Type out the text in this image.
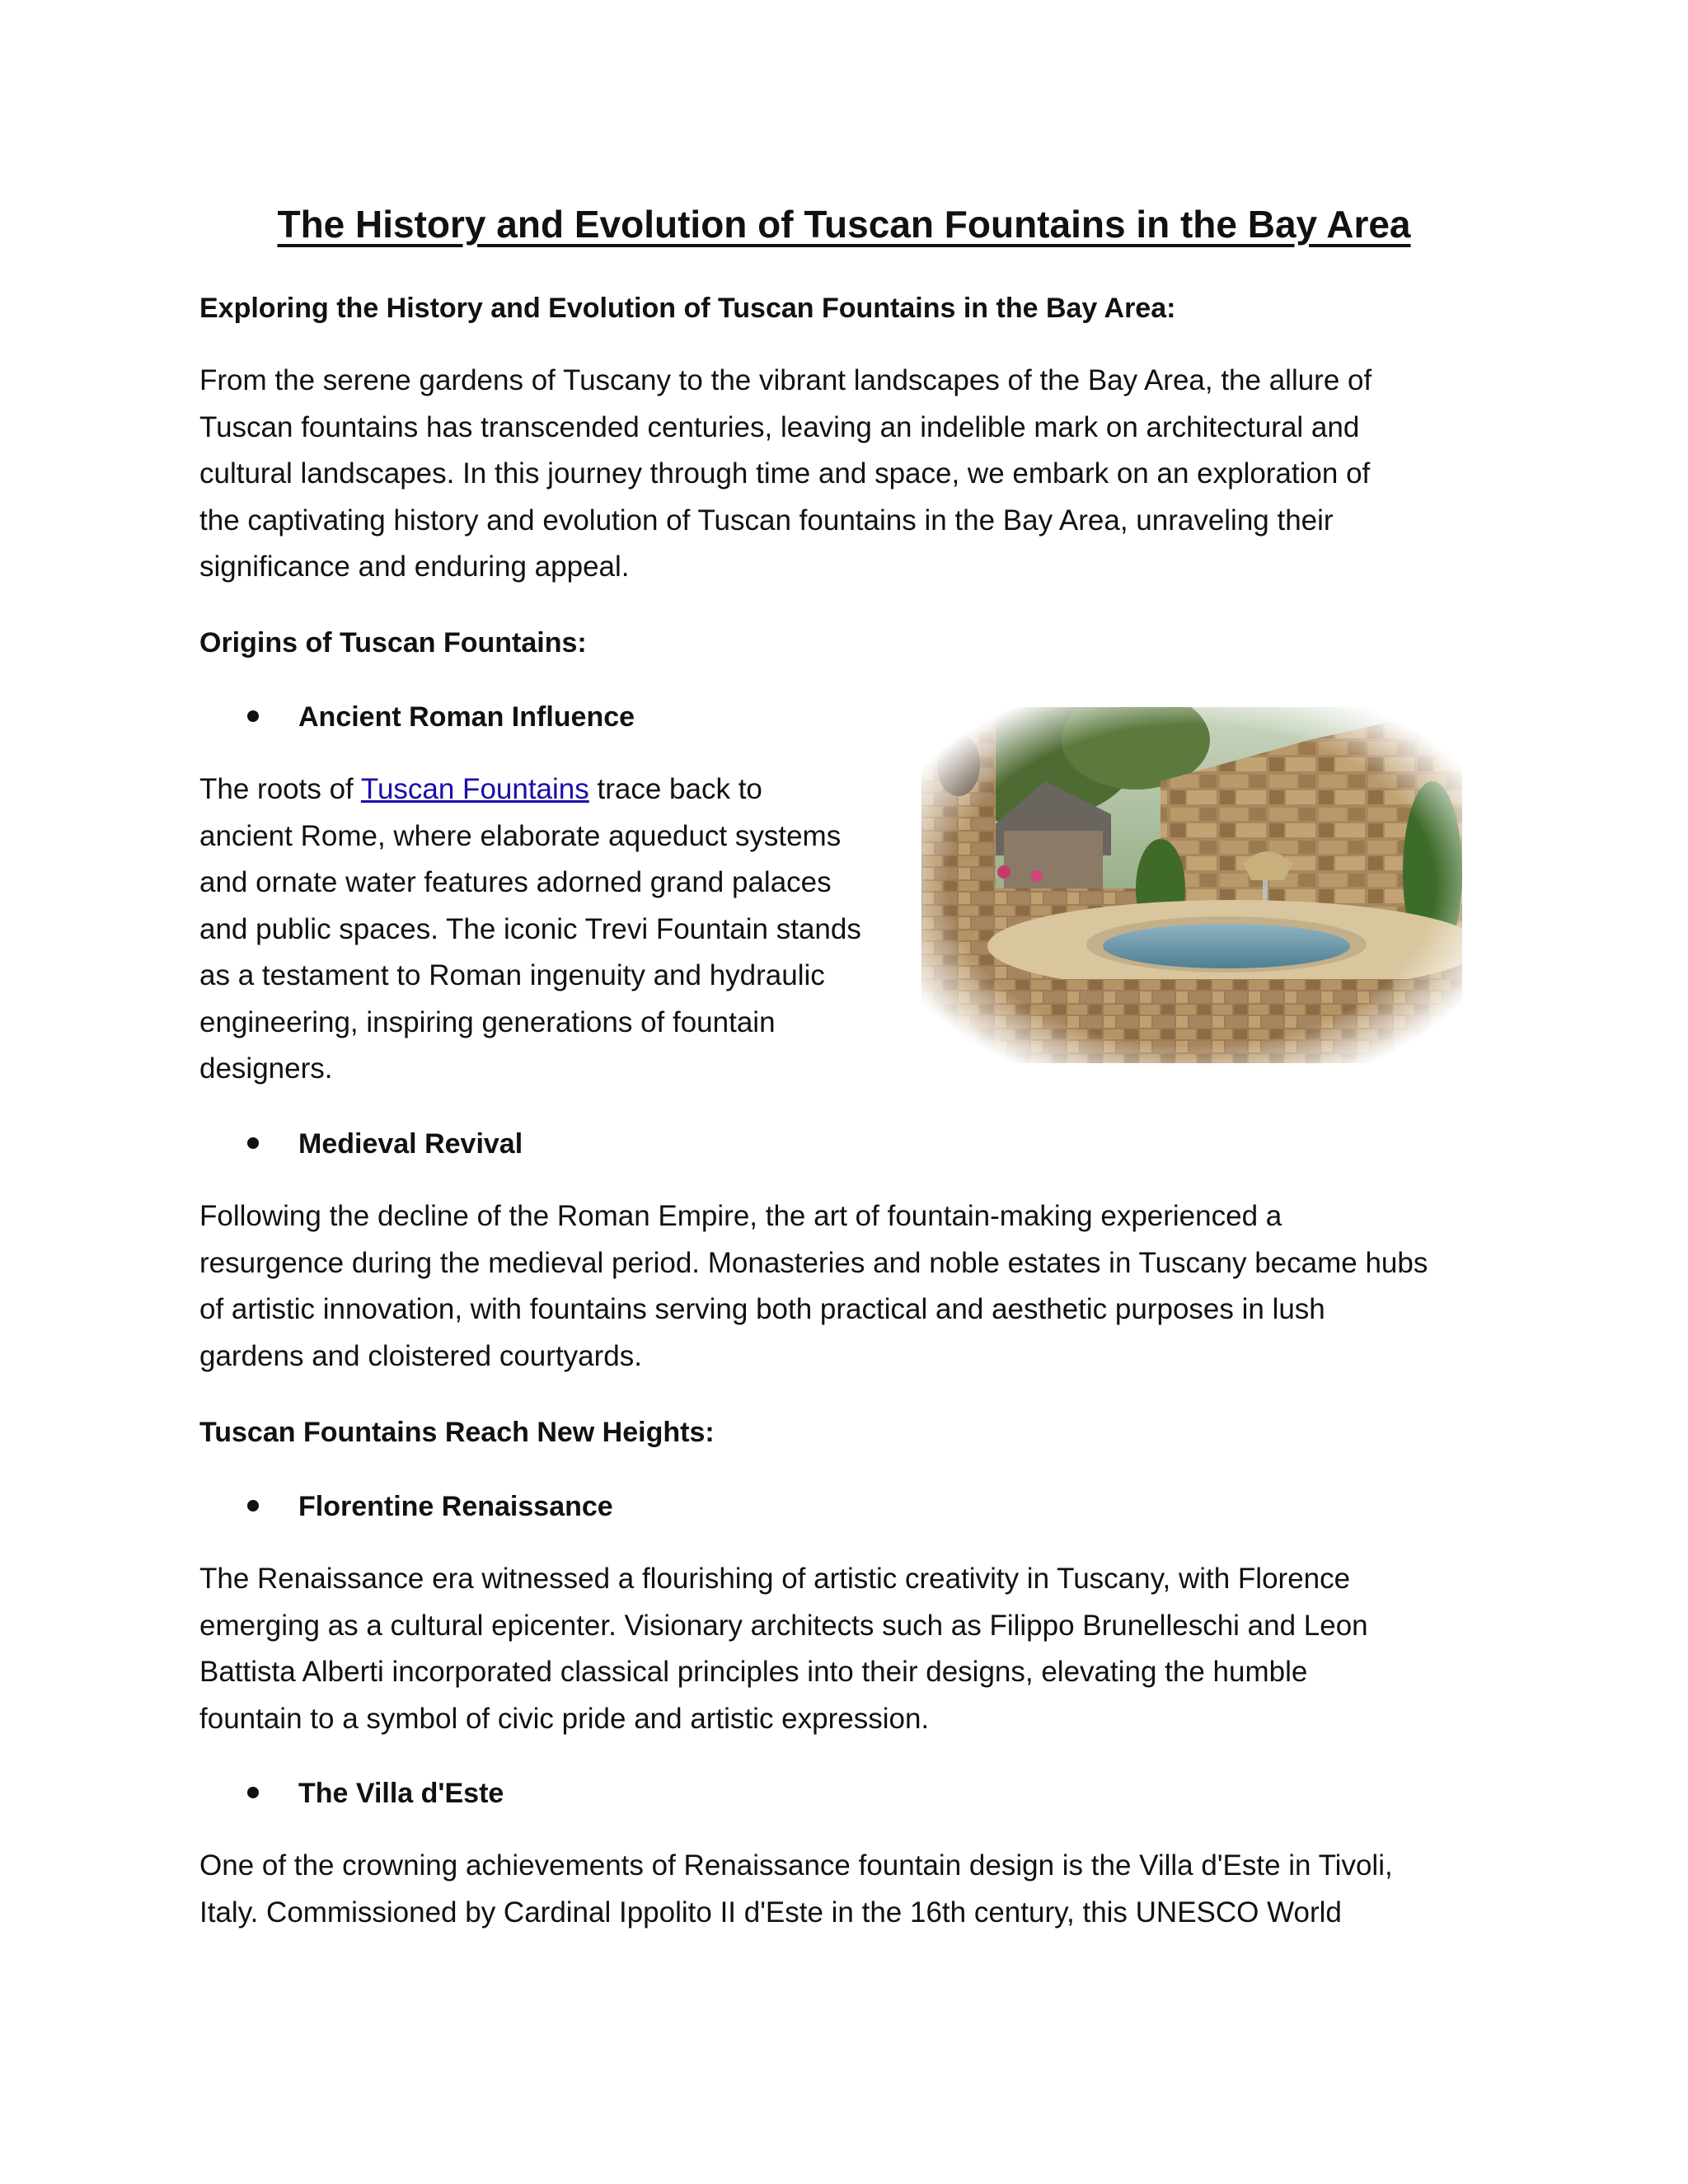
The History and Evolution of Tuscan Fountains in the Bay Area

Exploring the History and Evolution of Tuscan Fountains in the Bay Area:

From the serene gardens of Tuscany to the vibrant landscapes of the Bay Area, the allure of
Tuscan fountains has transcended centuries, leaving an indelible mark on architectural and
cultural landscapes. In this journey through time and space, we embark on an exploration of
the captivating history and evolution of Tuscan fountains in the Bay Area, unraveling their
significance and enduring appeal.

Origins of Tuscan Fountains:

Ancient Roman Influence
The roots of Tuscan Fountains trace back to
ancient Rome, where elaborate aqueduct systems
and ornate water features adorned grand palaces
and public spaces. The iconic Trevi Fountain stands
as a testament to Roman ingenuity and hydraulic
engineering, inspiring generations of fountain
designers.
Medieval Revival
Following the decline of the Roman Empire, the art of fountain-making experienced a
resurgence during the medieval period. Monasteries and noble estates in Tuscany became hubs
of artistic innovation, with fountains serving both practical and aesthetic purposes in lush
gardens and cloistered courtyards.

Tuscan Fountains Reach New Heights:

Florentine Renaissance
The Renaissance era witnessed a flourishing of artistic creativity in Tuscany, with Florence
emerging as a cultural epicenter. Visionary architects such as Filippo Brunelleschi and Leon
Battista Alberti incorporated classical principles into their designs, elevating the humble
fountain to a symbol of civic pride and artistic expression.
The Villa d'Este
One of the crowning achievements of Renaissance fountain design is the Villa d'Este in Tivoli,
Italy. Commissioned by Cardinal Ippolito II d'Este in the 16th century, this UNESCO World
